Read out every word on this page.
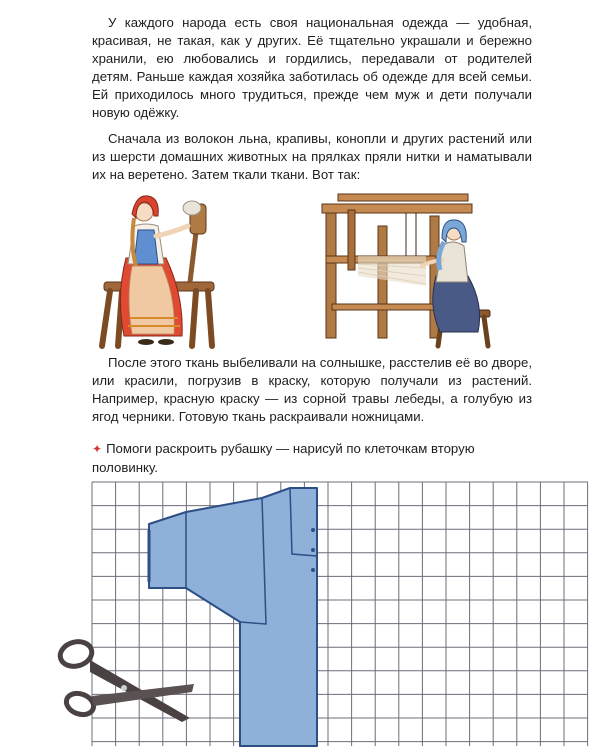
У каждого народа есть своя национальная одежда — удобная, красивая, не такая, как у других. Её тщательно украшали и бережно хранили, ею любовались и гордились, передавали от родителей детям. Раньше каждая хозяйка заботилась об одежде для всей семьи. Ей приходилось много трудиться, прежде чем муж и дети получали новую одёжку.

Сначала из волокон льна, крапивы, конопли и других растений или из шерсти домашних животных на прялках пряли нитки и наматывали их на веретено. Затем ткали ткани. Вот так:

После этого ткань выбеливали на солнышке, расстелив её во дворе, или красили, погрузив в краску, которую получали из растений. Например, красную краску — из сорной травы лебеды, а голубую из ягод черники. Готовую ткань раскраивали ножницами.

✦ Помоги раскроить рубашку — нарисуй по клеточкам вторую половинку.
